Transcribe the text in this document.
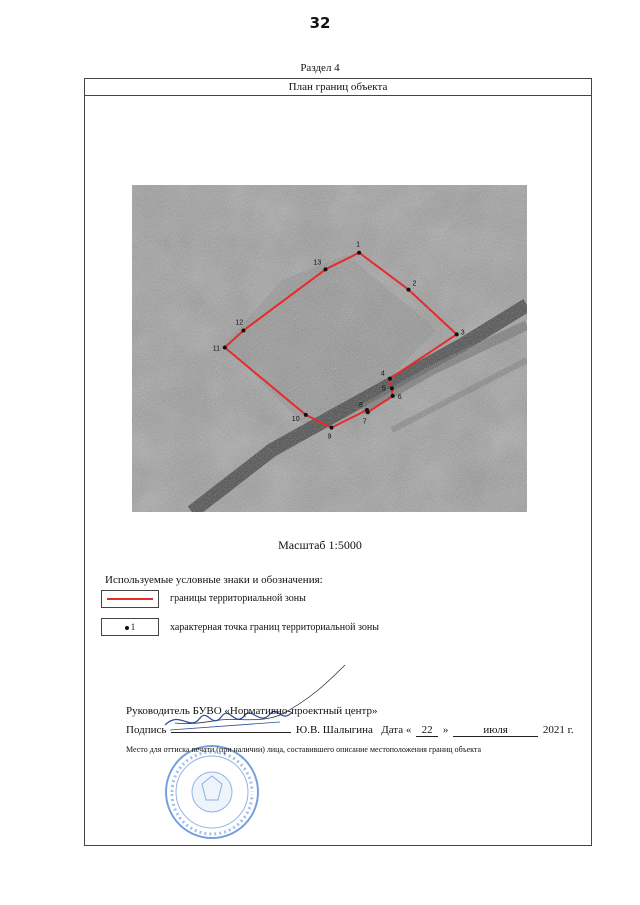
32
Раздел 4
План границ объекта
1
2
3
4
5
6
7
8
9
10
11
12
13
Масштаб 1:5000
Используемые условные знаки и обозначения:
границы территориальной зоны
1	характерная точка границ территориальной зоны
Руководитель БУВО «Нормативно-проектный центр»
Подпись	Ю.В. Шалыгина Дата « 22 »	июля	2021 г.
Место для оттиска печати (при наличии) лица, составившего описание местоположения границ объекта
